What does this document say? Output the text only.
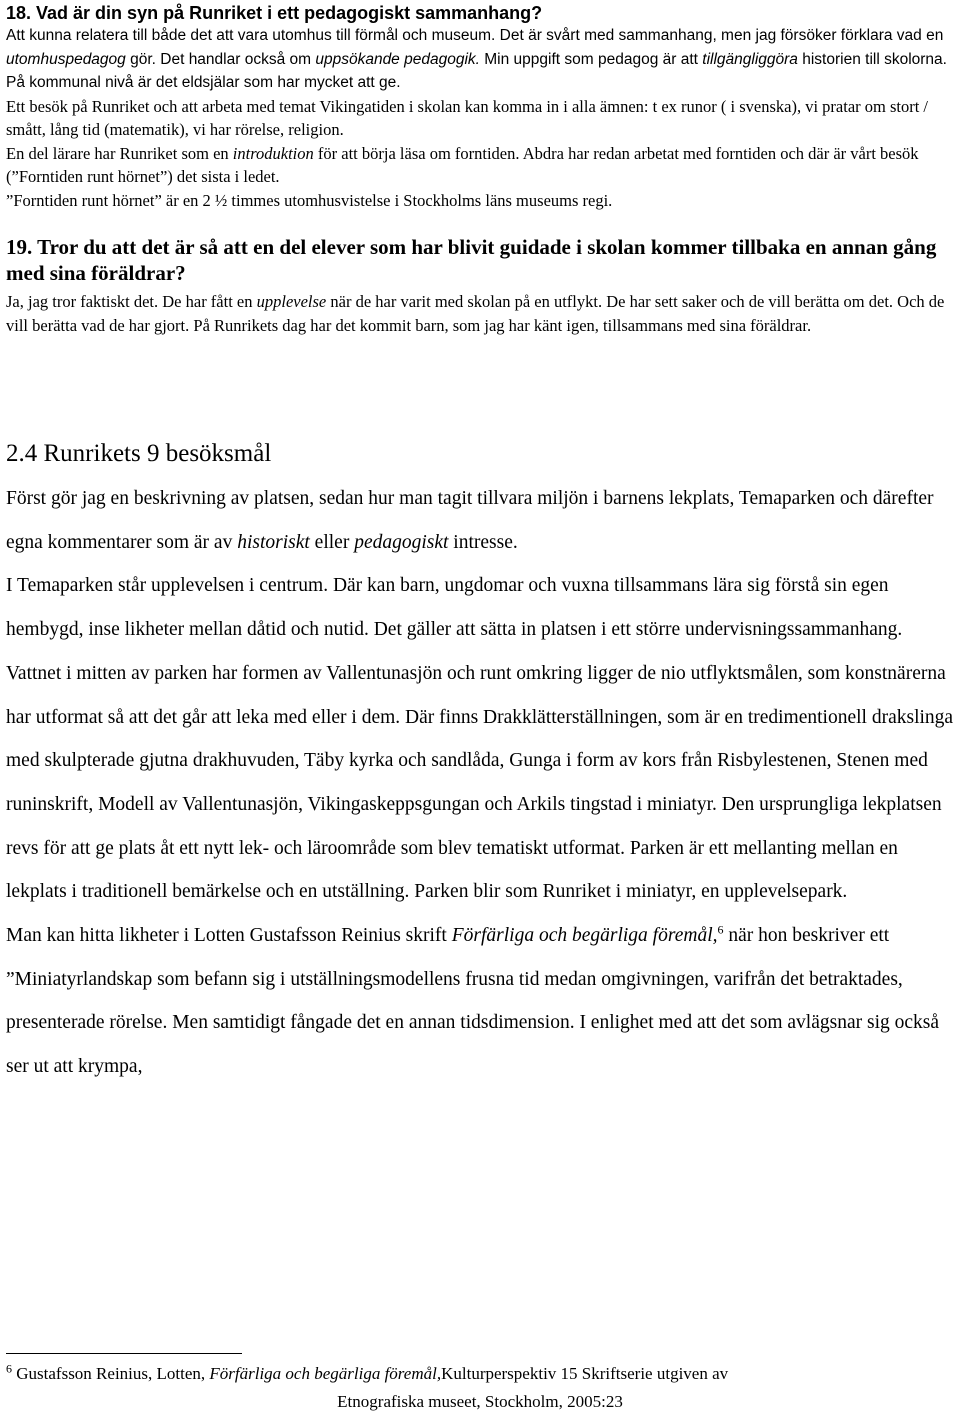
18. Vad är din syn på Runriket i ett pedagogiskt sammanhang?

Att kunna relatera till både det att vara utomhus till förmål och museum. Det är svårt med sammanhang, men jag försöker förklara vad en utomhuspedagog gör. Det handlar också om uppsökande pedagogik. Min uppgift som pedagog är att tillgängliggöra historien till skolorna.

På kommunal nivå är det eldsjälar som har mycket att ge.

Ett besök på Runriket och att arbeta med temat Vikingatiden i skolan kan komma in i alla ämnen: t ex runor ( i svenska), vi pratar om stort / smått, lång tid (matematik), vi har rörelse, religion.

En del lärare har Runriket som en introduktion för att börja läsa om forntiden. Abdra har redan arbetat med forntiden och där är vårt besök (”Forntiden runt hörnet”) det sista i ledet.

”Forntiden runt hörnet” är en 2 ½ timmes utomhusvistelse i Stockholms läns museums regi.

19. Tror du att det är så att en del elever som har blivit guidade i skolan kommer tillbaka en annan gång med sina föräldrar?

Ja, jag tror faktiskt det. De har fått en upplevelse när de har varit med skolan på en utflykt. De har sett saker och de vill berätta om det. Och de vill berätta vad de har gjort. På Runrikets dag har det kommit barn, som jag har känt igen, tillsammans med sina föräldrar.

2.4 Runrikets 9 besöksmål

Först gör jag en beskrivning av platsen, sedan hur man tagit tillvara miljön i barnens lekplats, Temaparken och därefter egna kommentarer som är av historiskt eller pedagogiskt intresse.

I Temaparken står upplevelsen i centrum. Där kan barn, ungdomar och vuxna tillsammans lära sig förstå sin egen hembygd, inse likheter mellan dåtid och nutid. Det gäller att sätta in platsen i ett större undervisningssammanhang.

Vattnet i mitten av parken har formen av Vallentunasjön och runt omkring ligger de nio utflyktsmålen, som konstnärerna har utformat så att det går att leka med eller i dem. Där finns Drakklätterställningen, som är en tredimentionell drakslinga med skulpterade gjutna drakhuvuden, Täby kyrka och sandlåda, Gunga i form av kors från Risbylestenen, Stenen med runinskrift, Modell av Vallentunasjön, Vikingaskeppsgungan och Arkils tingstad i miniatyr. Den ursprungliga lekplatsen revs för att ge plats åt ett nytt lek- och läroområde som blev tematiskt utformat. Parken är ett mellanting mellan en lekplats i traditionell bemärkelse och en utställning. Parken blir som Runriket i miniatyr, en upplevelsepark.

Man kan hitta likheter i Lotten Gustafsson Reinius skrift Förfärliga och begärliga föremål,$^6$ när hon beskriver ett ”Miniatyrlandskap som befann sig i utställningsmodellens frusna tid medan omgivningen, varifrån det betraktades, presenterade rörelse. Men samtidigt fångade det en annan tidsdimension. I enlighet med att det som avlägsnar sig också ser ut att krympa,

$^6$ Gustafsson Reinius, Lotten, Förfärliga och begärliga föremål,Kulturperspektiv 15 Skriftserie utgiven av
Etnografiska museet, Stockholm, 2005:23
